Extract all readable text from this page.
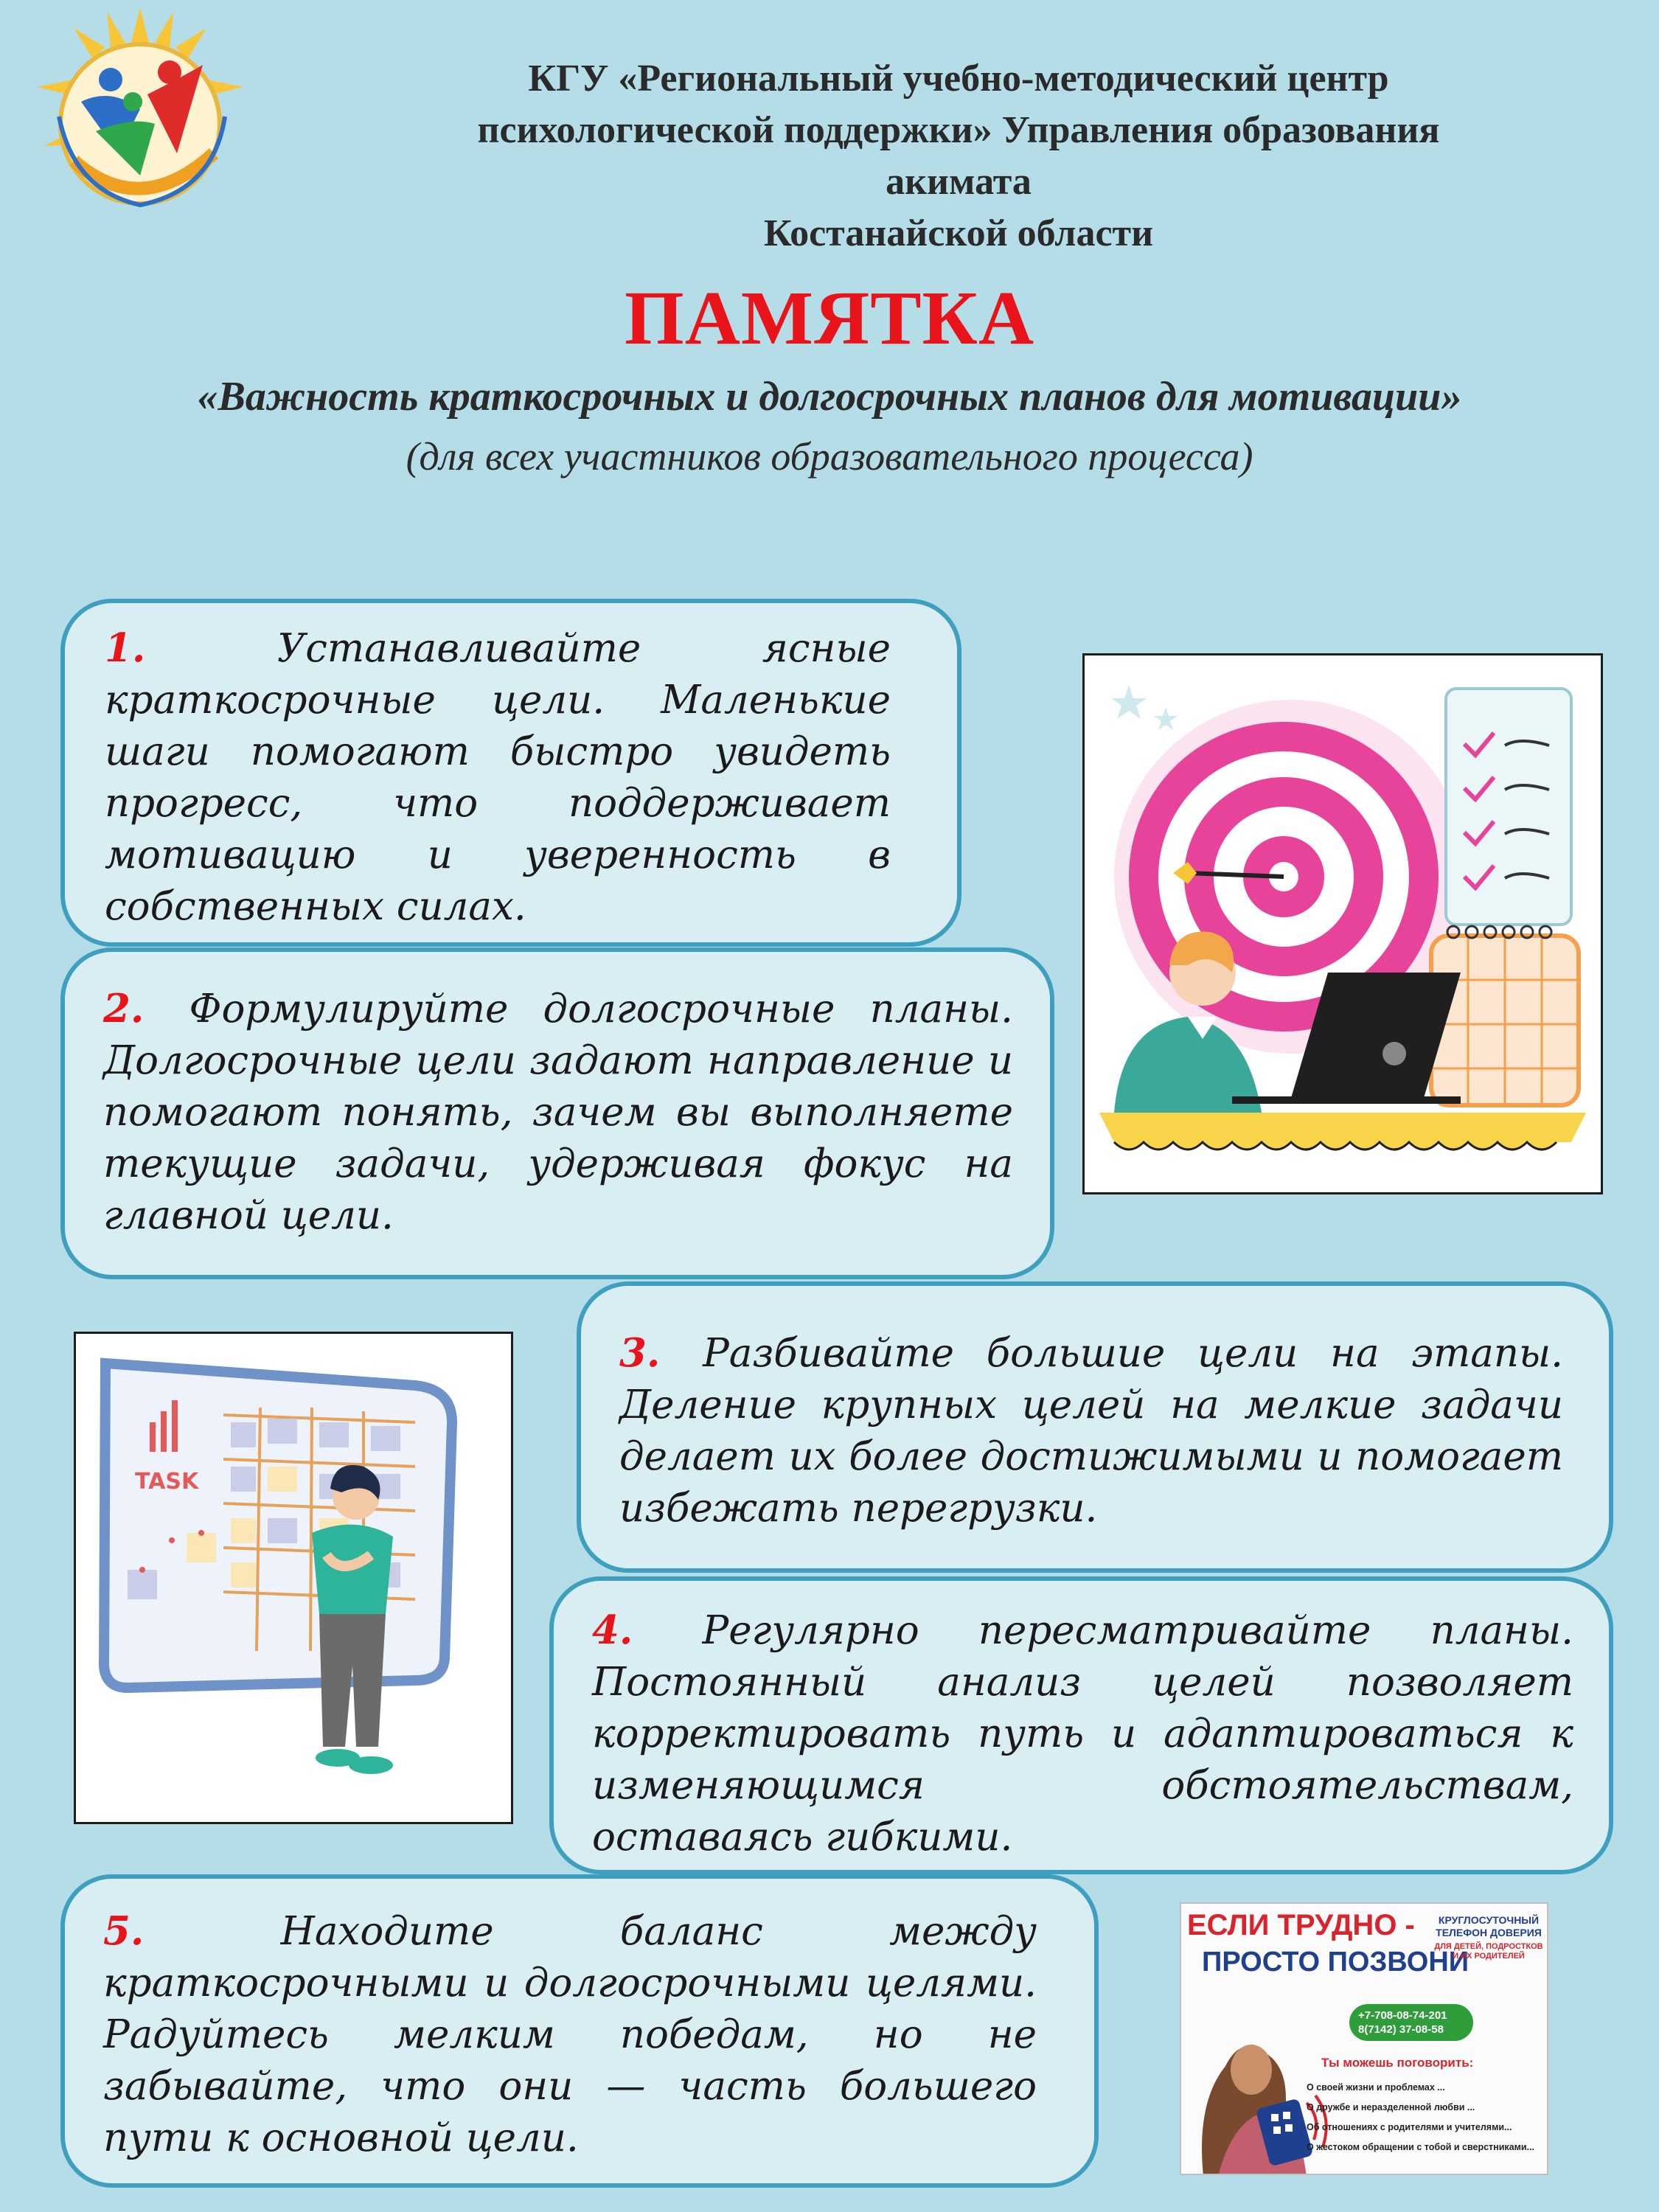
КГУ «Региональный учебно-методический центр
психологической поддержки» Управления образования
акимата
Костанайской области
ПАМЯТКА
«Важность краткосрочных и долгосрочных планов для мотивации»
(для всех участников образовательного процесса)
1.	Устанавливайте ясные краткосрочные цели. Маленькие шаги помогают быстро увидеть прогресс, что поддерживает мотивацию и уверенность в собственных силах.
2. Формулируйте долгосрочные планы. Долгосрочные цели задают направление и помогают понять, зачем вы выполняете текущие задачи, удерживая фокус на главной цели.
3. Разбивайте большие цели на этапы. Деление крупных целей на мелкие задачи делает их более достижимыми и помогает избежать перегрузки.
4. Регулярно пересматривайте планы. Постоянный анализ целей позволяет корректировать путь и адаптироваться к изменяющимся обстоятельствам, оставаясь гибкими.
5.	Находите баланс между краткосрочными и долгосрочными целями. Радуйтесь мелким победам, но не забывайте, что они — часть большего пути к основной цели.
TASK
ЕСЛИ ТРУДНО -
ПРОСТО ПОЗВОНИ
КРУГЛОСУТОЧНЫЙ ТЕЛЕФОН ДОВЕРИЯ
ДЛЯ ДЕТЕЙ, ПОДРОСТКОВ И ИХ РОДИТЕЛЕЙ
+7-708-08-74-201
8(7142) 37-08-58
Ты можешь поговорить:
О своей жизни и проблемах ...
О дружбе и неразделенной любви ...
Об отношениях с родителями и учителями...
О жестоком обращении с тобой и сверстниками...
